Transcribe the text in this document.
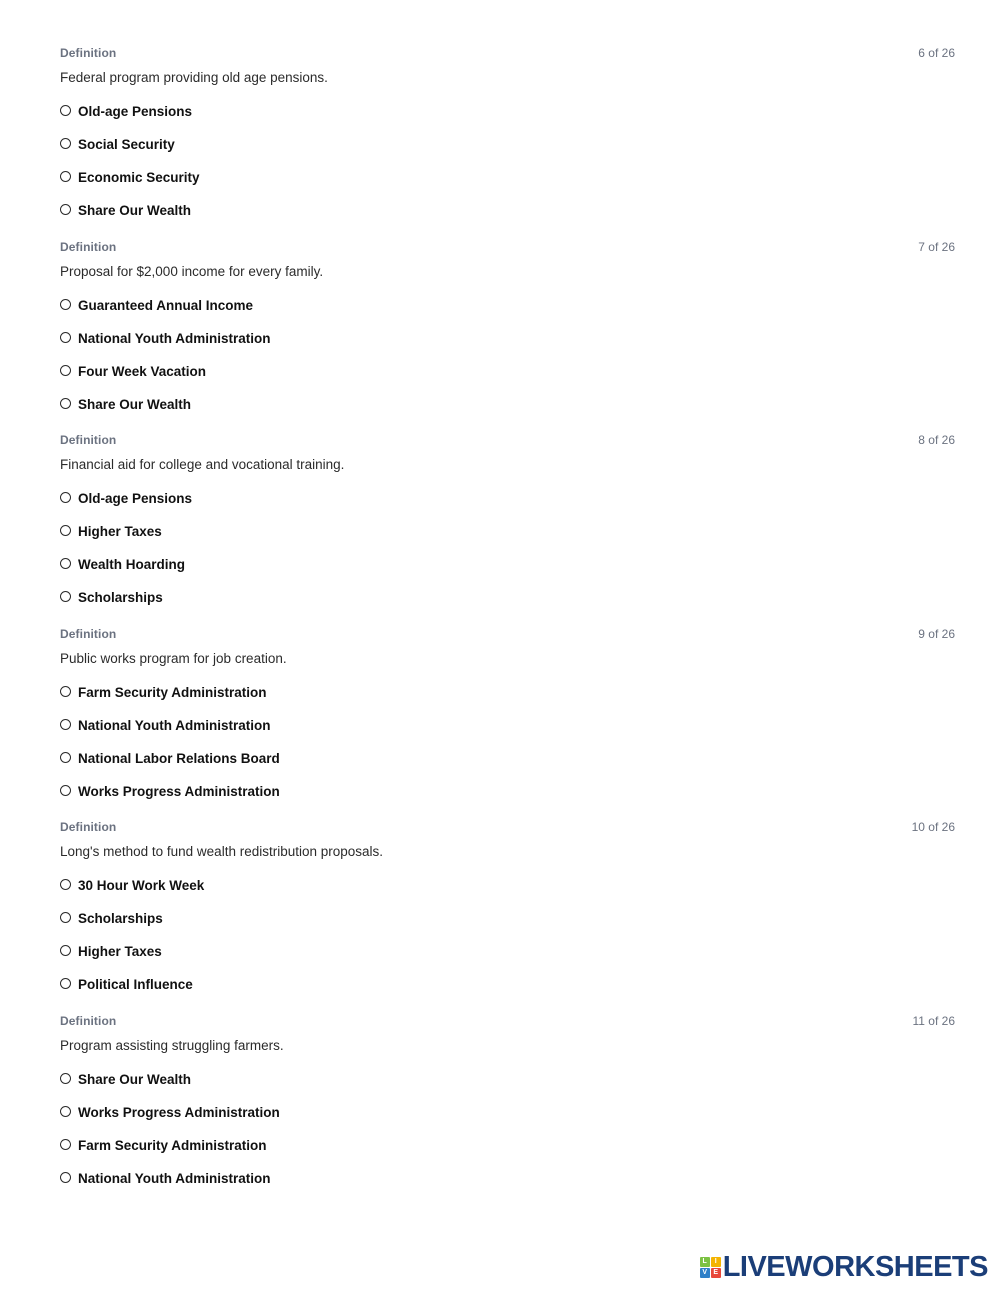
Definition	6 of 26
Federal program providing old age pensions.
Old-age Pensions
Social Security
Economic Security
Share Our Wealth
Definition	7 of 26
Proposal for $2,000 income for every family.
Guaranteed Annual Income
National Youth Administration
Four Week Vacation
Share Our Wealth
Definition	8 of 26
Financial aid for college and vocational training.
Old-age Pensions
Higher Taxes
Wealth Hoarding
Scholarships
Definition	9 of 26
Public works program for job creation.
Farm Security Administration
National Youth Administration
National Labor Relations Board
Works Progress Administration
Definition	10 of 26
Long's method to fund wealth redistribution proposals.
30 Hour Work Week
Scholarships
Higher Taxes
Political Influence
Definition	11 of 26
Program assisting struggling farmers.
Share Our Wealth
Works Progress Administration
Farm Security Administration
National Youth Administration
L	I
V E LIVEWORKSHEETS
